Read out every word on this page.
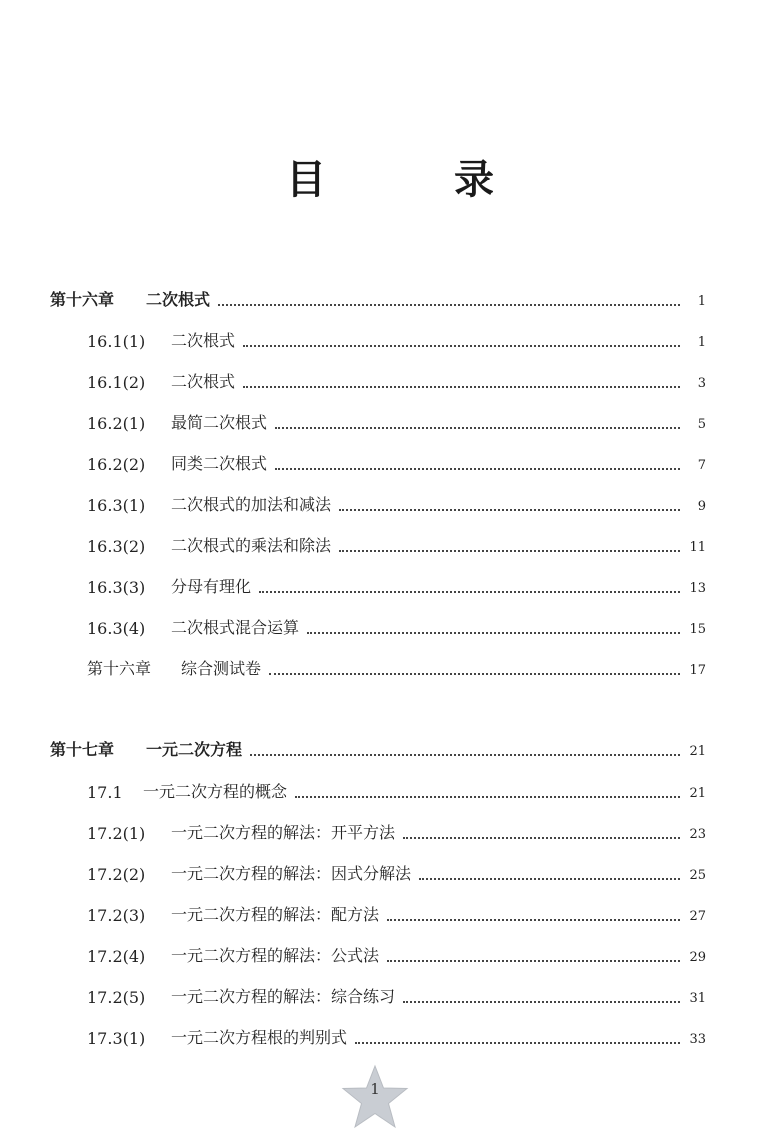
目　录
第十六章	二次根式	1
16.1(1)	二次根式	1
16.1(2)	二次根式	3
16.2(1)	最简二次根式	5
16.2(2)	同类二次根式	7
16.3(1)	二次根式的加法和减法	9
16.3(2)	二次根式的乘法和除法	11
16.3(3)	分母有理化	13
16.3(4)	二次根式混合运算	15
第十六章	综合测试卷	17
第十七章	一元二次方程	21
17.1	一元二次方程的概念	21
17.2(1)	一元二次方程的解法：开平方法	23
17.2(2)	一元二次方程的解法：因式分解法	25
17.2(3)	一元二次方程的解法：配方法	27
17.2(4)	一元二次方程的解法：公式法	29
17.2(5)	一元二次方程的解法：综合练习	31
17.3(1)	一元二次方程根的判别式	33
1
